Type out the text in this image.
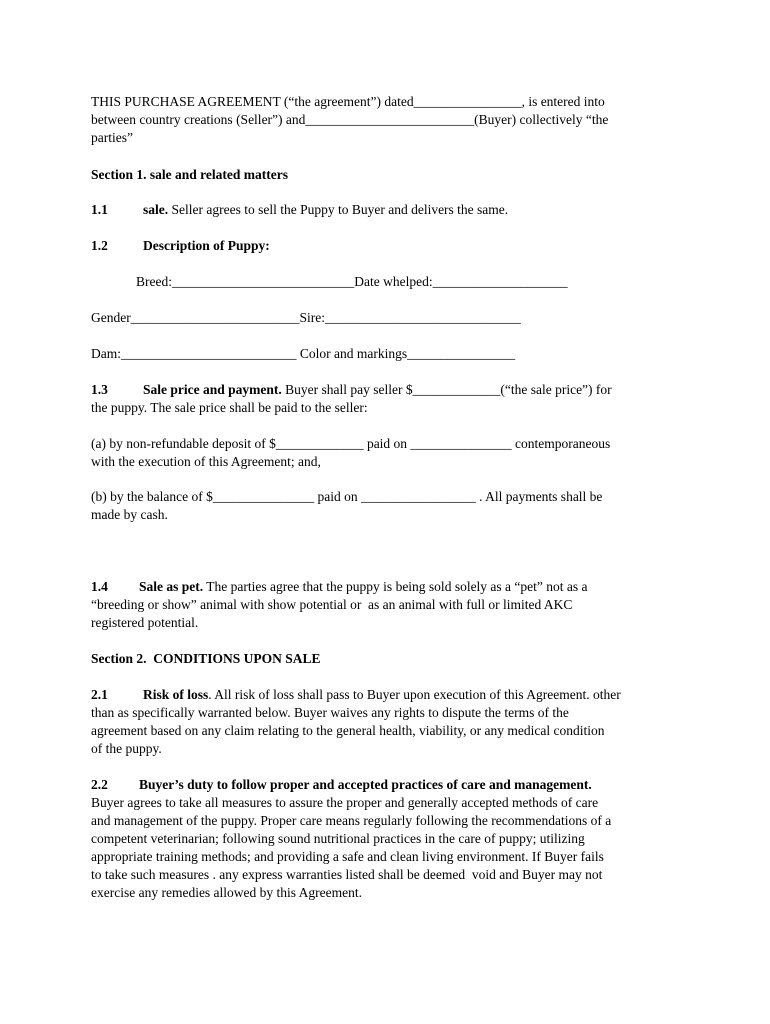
THIS PURCHASE AGREEMENT (“the agreement”) dated________________, is entered into
between country creations (Seller”) and_________________________(Buyer) collectively “the
parties”
Section 1. sale and related matters
1.1	sale. Seller agrees to sell the Puppy to Buyer and delivers the same.
1.2	Description of Puppy:
Breed:___________________________Date whelped:____________________
Gender_________________________Sire:_____________________________
Dam:__________________________ Color and markings________________
1.3	Sale price and payment. Buyer shall pay seller $_____________(“the sale price”) for
the puppy. The sale price shall be paid to the seller:
(a) by non-refundable deposit of $_____________ paid on _______________ contemporaneous
with the execution of this Agreement; and,
(b) by the balance of $_______________ paid on _________________ . All payments shall be
made by cash.
1.4 Sale as pet. The parties agree that the puppy is being sold solely as a “pet” not as a
“breeding or show” animal with show potential or  as an animal with full or limited AKC
registered potential.
Section 2.  CONDITIONS UPON SALE
2.1	Risk of loss. All risk of loss shall pass to Buyer upon execution of this Agreement. other
than as specifically warranted below. Buyer waives any rights to dispute the terms of the
agreement based on any claim relating to the general health, viability, or any medical condition
of the puppy.
2.2 Buyer’s duty to follow proper and accepted practices of care and management.
Buyer agrees to take all measures to assure the proper and generally accepted methods of care
and management of the puppy. Proper care means regularly following the recommendations of a
competent veterinarian; following sound nutritional practices in the care of puppy; utilizing
appropriate training methods; and providing a safe and clean living environment. If Buyer fails
to take such measures . any express warranties listed shall be deemed  void and Buyer may not
exercise any remedies allowed by this Agreement.
